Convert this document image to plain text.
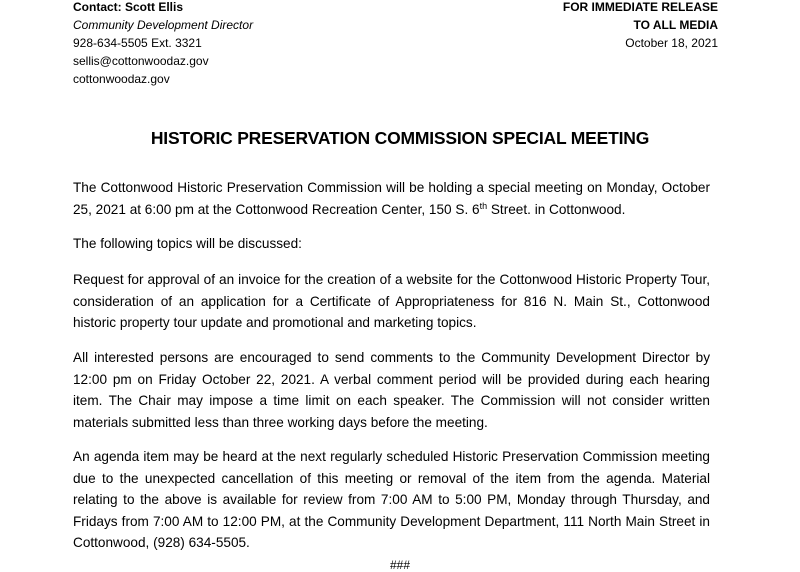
Contact: Scott Ellis
Community Development Director
928-634-5505 Ext. 3321
sellis@cottonwoodaz.gov
cottonwoodaz.gov
FOR IMMEDIATE RELEASE
TO ALL MEDIA
October 18, 2021
HISTORIC PRESERVATION COMMISSION SPECIAL MEETING

The Cottonwood Historic Preservation Commission will be holding a special meeting on Monday, October 25, 2021 at 6:00 pm at the Cottonwood Recreation Center, 150 S. 6th Street. in Cottonwood.

The following topics will be discussed:

Request for approval of an invoice for the creation of a website for the Cottonwood Historic Property Tour, consideration of an application for a Certificate of Appropriateness for 816 N. Main St., Cottonwood historic property tour update and promotional and marketing topics.

All interested persons are encouraged to send comments to the Community Development Director by 12:00 pm on Friday October 22, 2021. A verbal comment period will be provided during each hearing item. The Chair may impose a time limit on each speaker. The Commission will not consider written materials submitted less than three working days before the meeting.

An agenda item may be heard at the next regularly scheduled Historic Preservation Commission meeting due to the unexpected cancellation of this meeting or removal of the item from the agenda. Material relating to the above is available for review from 7:00 AM to 5:00 PM, Monday through Thursday, and Fridays from 7:00 AM to 12:00 PM, at the Community Development Department, 111 North Main Street in Cottonwood, (928) 634-5505.

###
